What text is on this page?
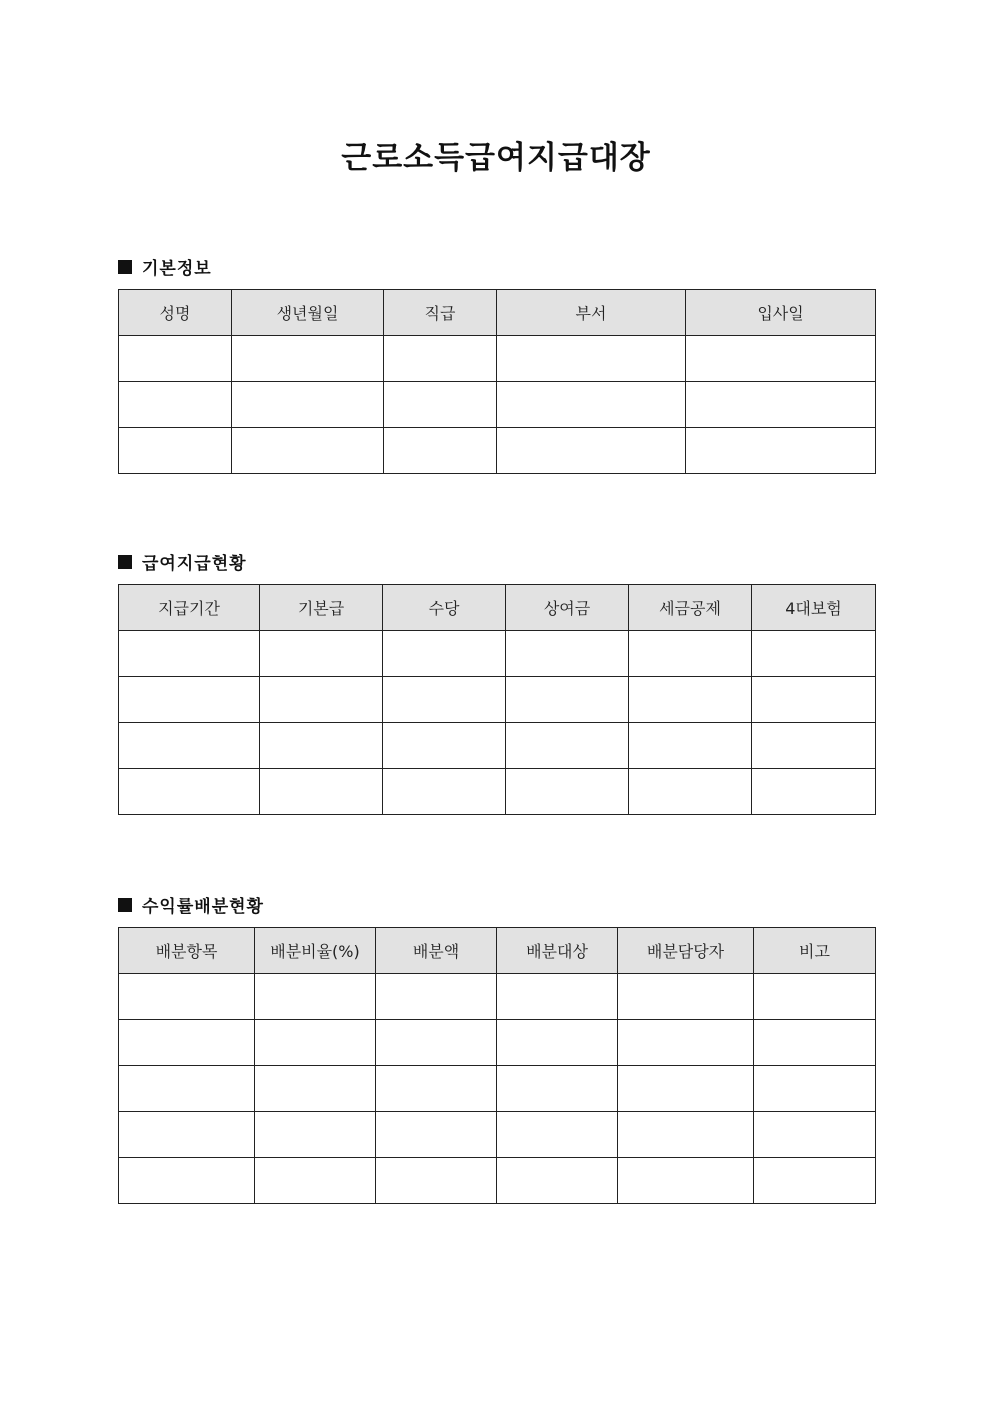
근로소득급여지급대장
기본정보
성명	생년월일	직급	부서	입사일

급여지급현황
지급기간	기본급	수당	상여금	세금공제	4대보험

수익률배분현황
배분항목	배분비율(%)	배분액	배분대상	배분담당자	비고
